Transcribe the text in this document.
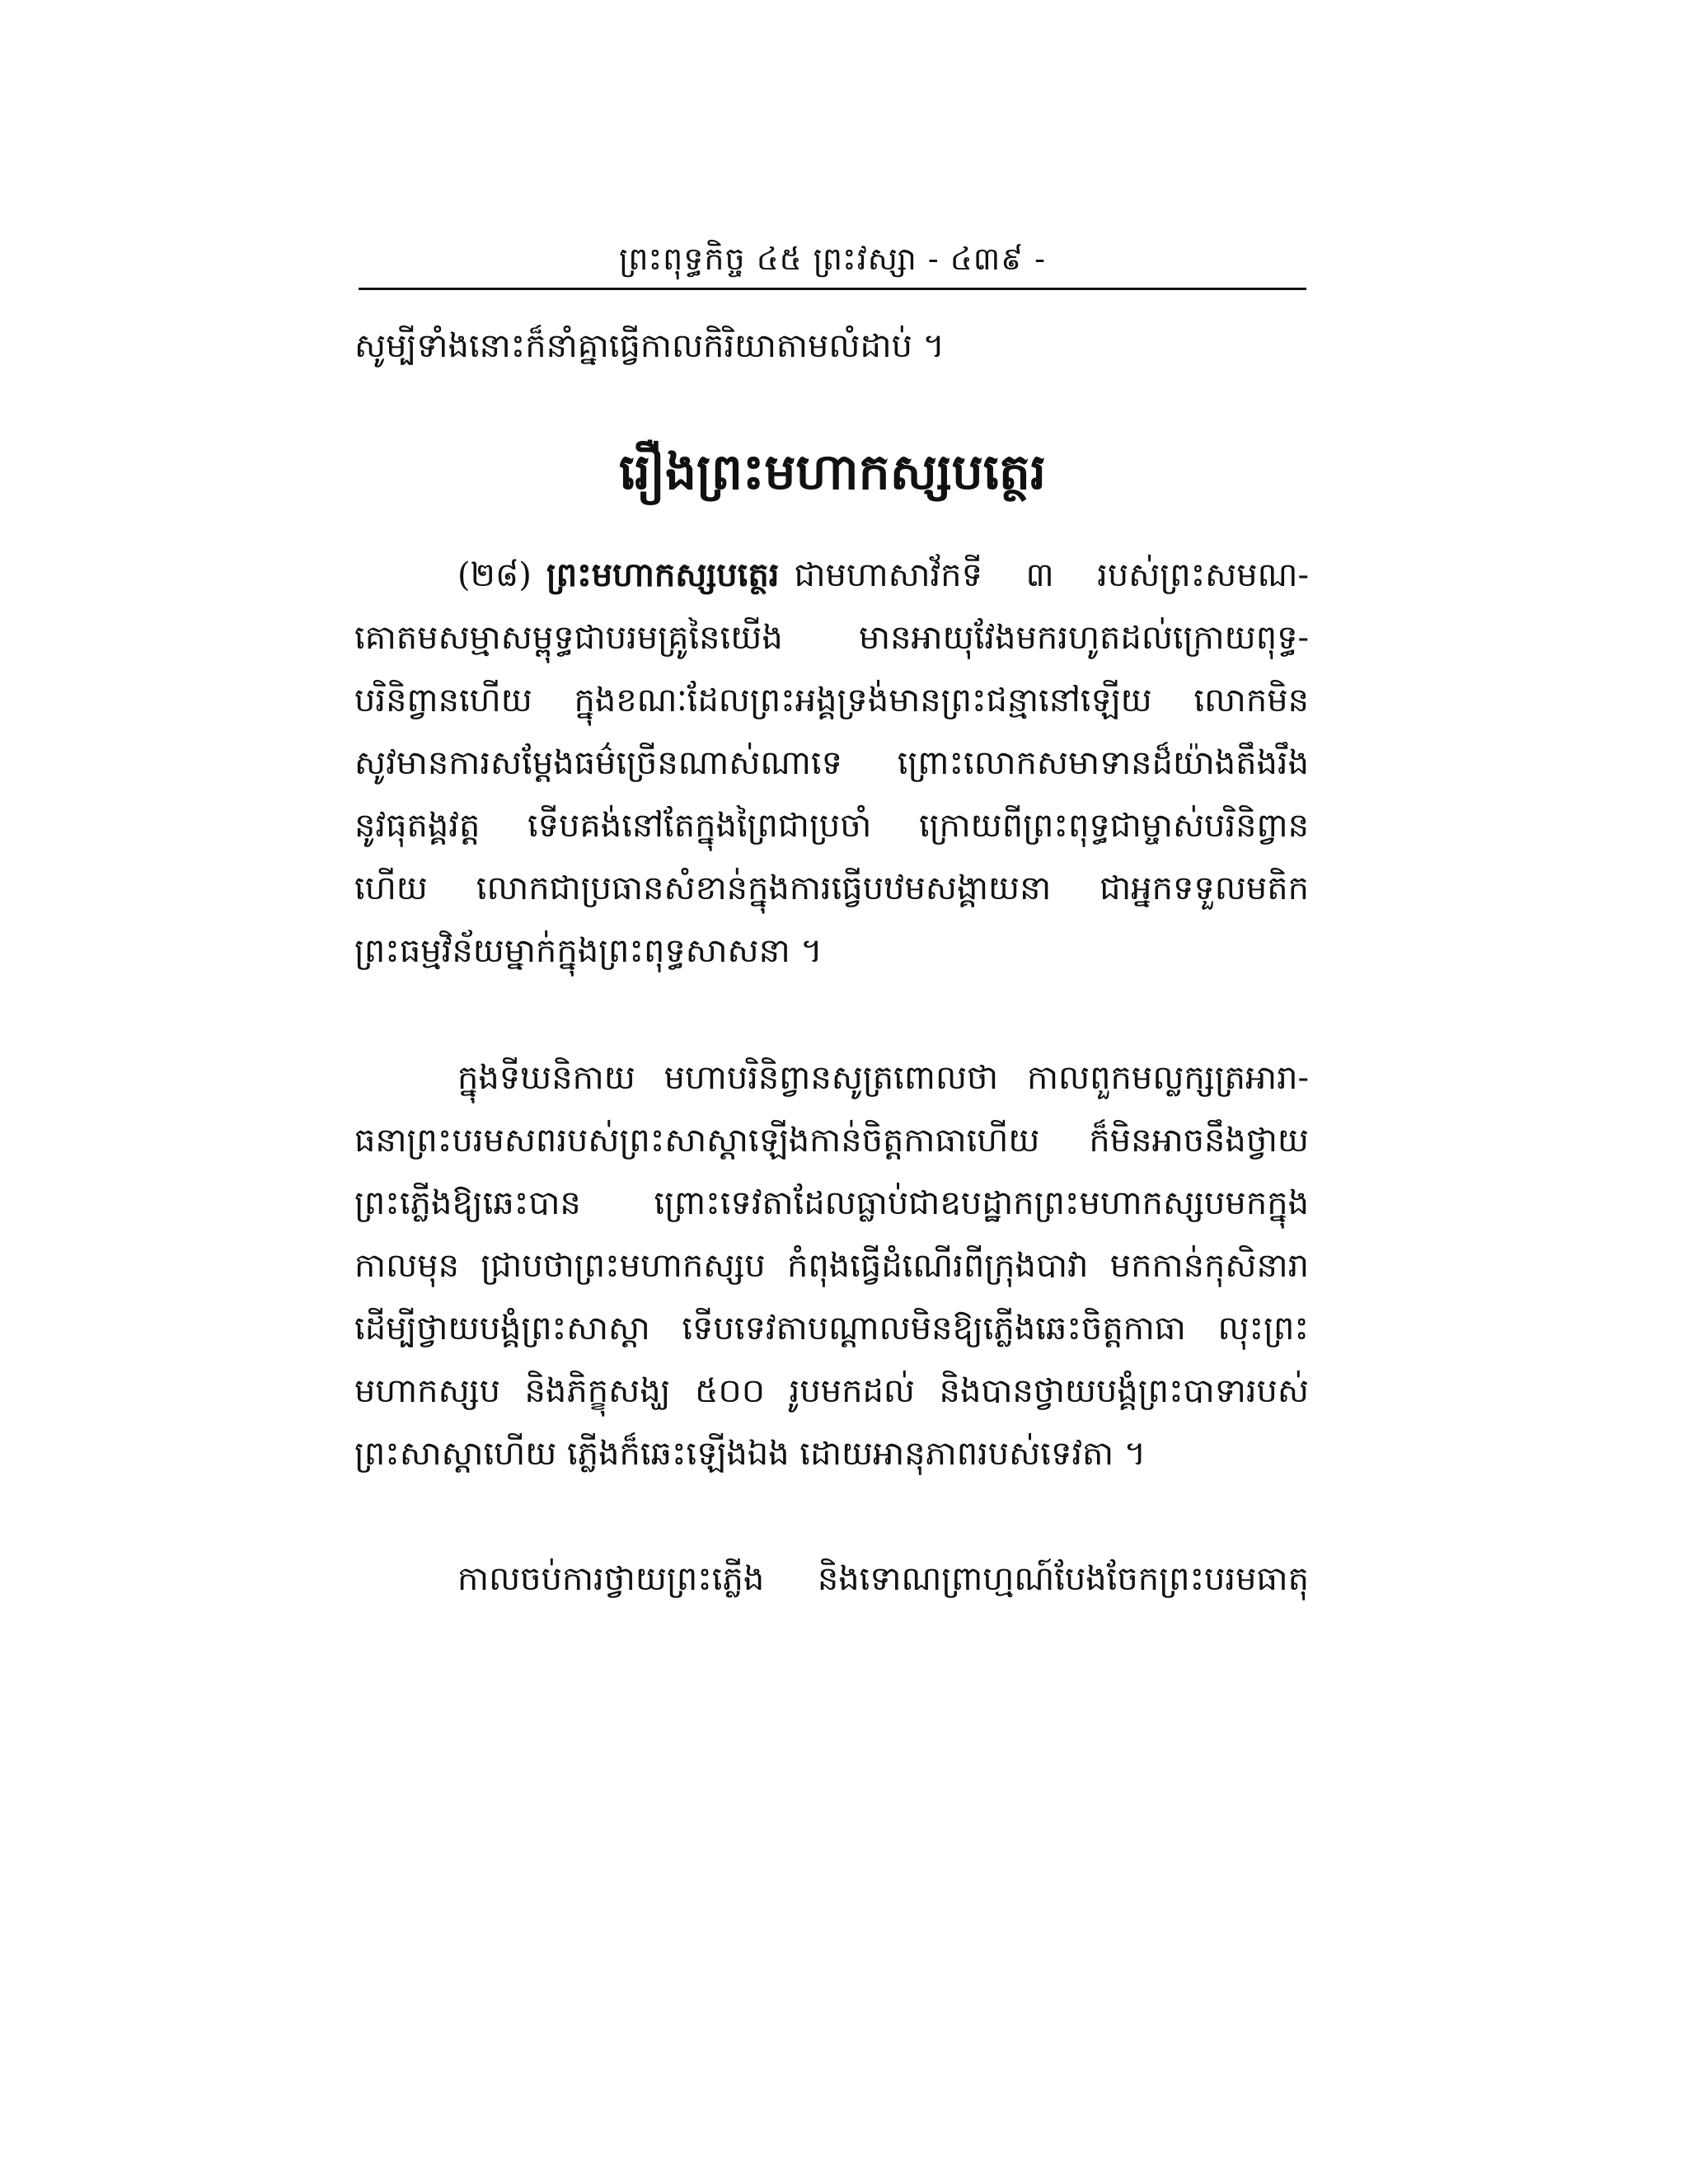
ព្រះពុទ្ធកិច្ច ៤៥ ព្រះវស្សា - ៤៣៩ -
សូម្បីទាំងនោះក៏នាំគ្នាធ្វើកាលកិរិយាតាមលំដាប់ ។
រឿងព្រះមហាកស្សបត្ថេរ
(២៨) ព្រះមហាកស្សបត្ថេរ ជាមហាសាវ័កទី ៣ របស់ព្រះសមណ-
គោតមសម្មាសម្ពុទ្ធជាបរមគ្រូនៃយើង មានអាយុវែងមករហូតដល់ក្រោយពុទ្ធ-
បរិនិព្វានហើយ ក្នុងខណៈដែលព្រះអង្គទ្រង់មានព្រះជន្មានៅឡើយ លោកមិន
សូវមានការសម្ដែងធម៌ច្រើនណាស់ណាទេ ព្រោះលោកសមាទានដ៏យ៉ាងតឹងរឹង
នូវធុតង្គវត្ត ទើបគង់នៅតែក្នុងព្រៃជាប្រចាំ ក្រោយពីព្រះពុទ្ធជាម្ចាស់បរិនិព្វាន
ហើយ លោកជាប្រធានសំខាន់ក្នុងការធ្វើបឋមសង្គាយនា ជាអ្នកទទួលមតិក
ព្រះធម្មវិន័យម្នាក់ក្នុងព្រះពុទ្ធសាសនា ។
ក្នុងទីឃនិកាយ មហាបរិនិព្វានសូត្រពោលថា កាលពួកមល្លក្សត្រអារា-
ធនាព្រះបរមសពរបស់ព្រះសាស្ដាឡើងកាន់ចិត្តកាធាហើយ ក៏មិនអាចនឹងថ្វាយ
ព្រះភ្លើងឱ្យឆេះបាន ព្រោះទេវតាដែលធ្លាប់ជាឧបដ្ឋាកព្រះមហាកស្សបមកក្នុង
កាលមុន ជ្រាបថាព្រះមហាកស្សប កំពុងធ្វើដំណើរពីក្រុងបាវា មកកាន់កុសិនារា
ដើម្បីថ្វាយបង្គំព្រះសាស្ដា ទើបទេវតាបណ្ដាលមិនឱ្យភ្លើងឆេះចិត្តកាធា លុះព្រះ
មហាកស្សប និងភិក្ខុសង្ឃ ៥០០ រូបមកដល់ និងបានថ្វាយបង្គំព្រះបាទារបស់
ព្រះសាស្ដាហើយ ភ្លើងក៏ឆេះឡើងឯង ដោយអានុភាពរបស់ទេវតា ។
កាលចប់ការថ្វាយព្រះភ្លើង និងទោណព្រាហ្មណ៍បែងចែកព្រះបរមធាតុ
